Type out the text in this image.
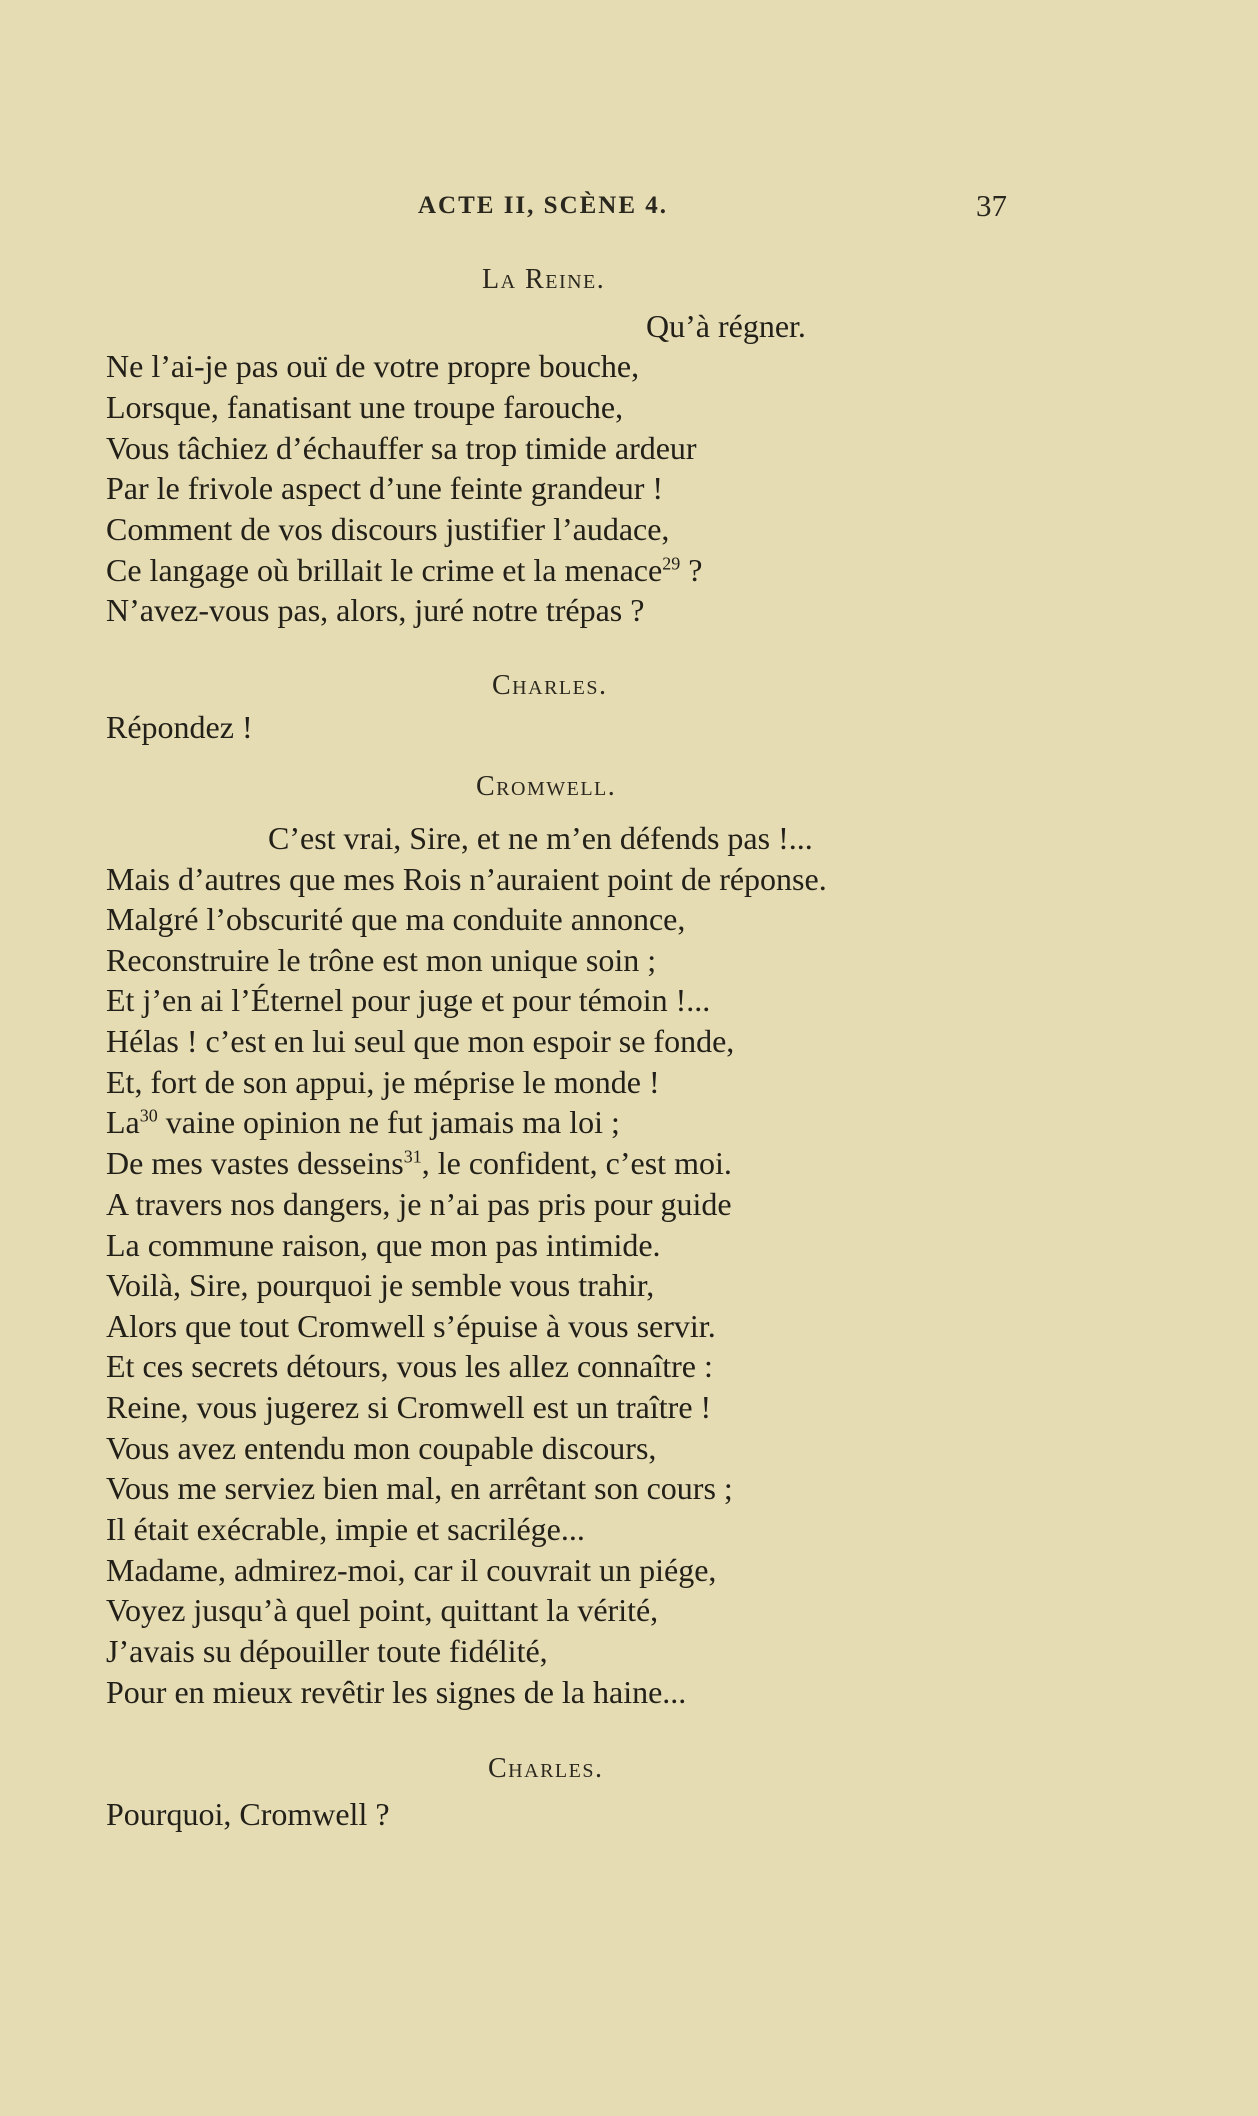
ACTE II, SCÈNE 4.	37
La Reine.
Qu’à régner.
Ne l’ai-je pas ouï de votre propre bouche,
Lorsque, fanatisant une troupe farouche,
Vous tâchiez d’échauffer sa trop timide ardeur
Par le frivole aspect d’une feinte grandeur !
Comment de vos discours justifier l’audace,
Ce langage où brillait le crime et la menace$^{29}$ ?
N’avez-vous pas, alors, juré notre trépas ?
Charles.
Répondez !
Cromwell.
C’est vrai, Sire, et ne m’en défends pas !...
Mais d’autres que mes Rois n’auraient point de réponse.
Malgré l’obscurité que ma conduite annonce,
Reconstruire le trône est mon unique soin ;
Et j’en ai l’Éternel pour juge et pour témoin !...
Hélas ! c’est en lui seul que mon espoir se fonde,
Et, fort de son appui, je méprise le monde !
La$^{30}$ vaine opinion ne fut jamais ma loi ;
De mes vastes desseins$^{31}$, le confident, c’est moi.
A travers nos dangers, je n’ai pas pris pour guide
La commune raison, que mon pas intimide.
Voilà, Sire, pourquoi je semble vous trahir,
Alors que tout Cromwell s’épuise à vous servir.
Et ces secrets détours, vous les allez connaître :
Reine, vous jugerez si Cromwell est un traître !
Vous avez entendu mon coupable discours,
Vous me serviez bien mal, en arrêtant son cours ;
Il était exécrable, impie et sacrilége...
Madame, admirez-moi, car il couvrait un piége,
Voyez jusqu’à quel point, quittant la vérité,
J’avais su dépouiller toute fidélité,
Pour en mieux revêtir les signes de la haine...
Charles.
Pourquoi, Cromwell ?
